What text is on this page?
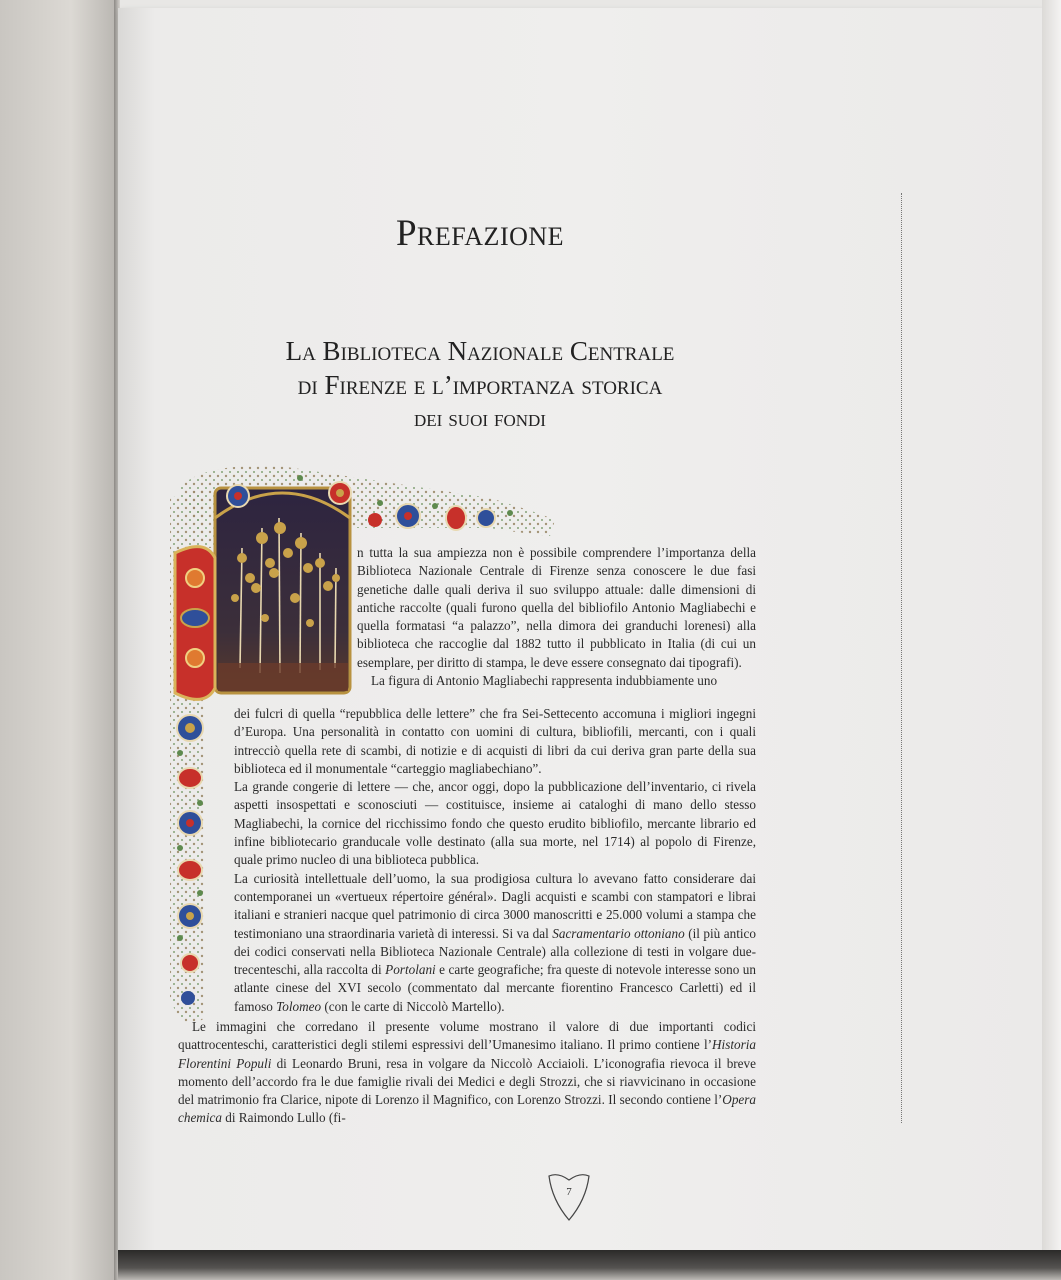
Prefazione
La Biblioteca Nazionale Centrale
di Firenze e l’importanza storica
dei suoi fondi

n tutta la sua ampiezza non è possibile comprendere l’importanza della Biblioteca Nazionale Centrale di Firenze senza conoscere le due fasi genetiche dalle quali deriva il suo sviluppo attuale: dalle dimensioni di antiche raccolte (quali furono quella del bibliofilo Antonio Magliabechi e quella formatasi “a palazzo”, nella dimora dei granduchi lorenesi) alla biblioteca che raccoglie dal 1882 tutto il pubblicato in Italia (di cui un esemplare, per diritto di stampa, le deve essere consegnato dai tipografi).

La figura di Antonio Magliabechi rappresenta indubbiamente uno

dei fulcri di quella “repubblica delle lettere” che fra Sei-Settecento accomuna i migliori ingegni d’Europa. Una personalità in contatto con uomini di cultura, bibliofili, mercanti, con i quali intrecciò quella rete di scambi, di notizie e di acquisti di libri da cui deriva gran parte della sua biblioteca ed il monumentale “carteggio magliabechiano”.

La grande congerie di lettere — che, ancor oggi, dopo la pubblicazione dell’inventario, ci rivela aspetti insospettati e sconosciuti — costituisce, insieme ai cataloghi di mano dello stesso Magliabechi, la cornice del ricchissimo fondo che questo erudito bibliofilo, mercante librario ed infine bibliotecario granducale volle destinato (alla sua morte, nel 1714) al popolo di Firenze, quale primo nucleo di una biblioteca pubblica.

La curiosità intellettuale dell’uomo, la sua prodigiosa cultura lo avevano fatto considerare dai contemporanei un «vertueux répertoire général». Dagli acquisti e scambi con stampatori e librai italiani e stranieri nacque quel patrimonio di circa 3000 manoscritti e 25.000 volumi a stampa che testimoniano una straordinaria varietà di interessi. Si va dal Sacramentario ottoniano (il più antico dei codici conservati nella Biblioteca Nazionale Centrale) alla collezione di testi in volgare due-trecenteschi, alla raccolta di Portolani e carte geografiche; fra queste di notevole interesse sono un atlante cinese del XVI secolo (commentato dal mercante fiorentino Francesco Carletti) ed il famoso Tolomeo (con le carte di Niccolò Martello).

Le immagini che corredano il presente volume mostrano il valore di due importanti codici quattrocenteschi, caratteristici degli stilemi espressivi dell’Umanesimo italiano. Il primo contiene l’Historia Florentini Populi di Leonardo Bruni, resa in volgare da Niccolò Acciaioli. L’iconografia rievoca il breve momento dell’accordo fra le due famiglie rivali dei Medici e degli Strozzi, che si riavvicinano in occasione del matrimonio fra Clarice, nipote di Lorenzo il Magnifico, con Lorenzo Strozzi. Il secondo contiene l’Opera chemica di Raimondo Lullo (fi-

7
